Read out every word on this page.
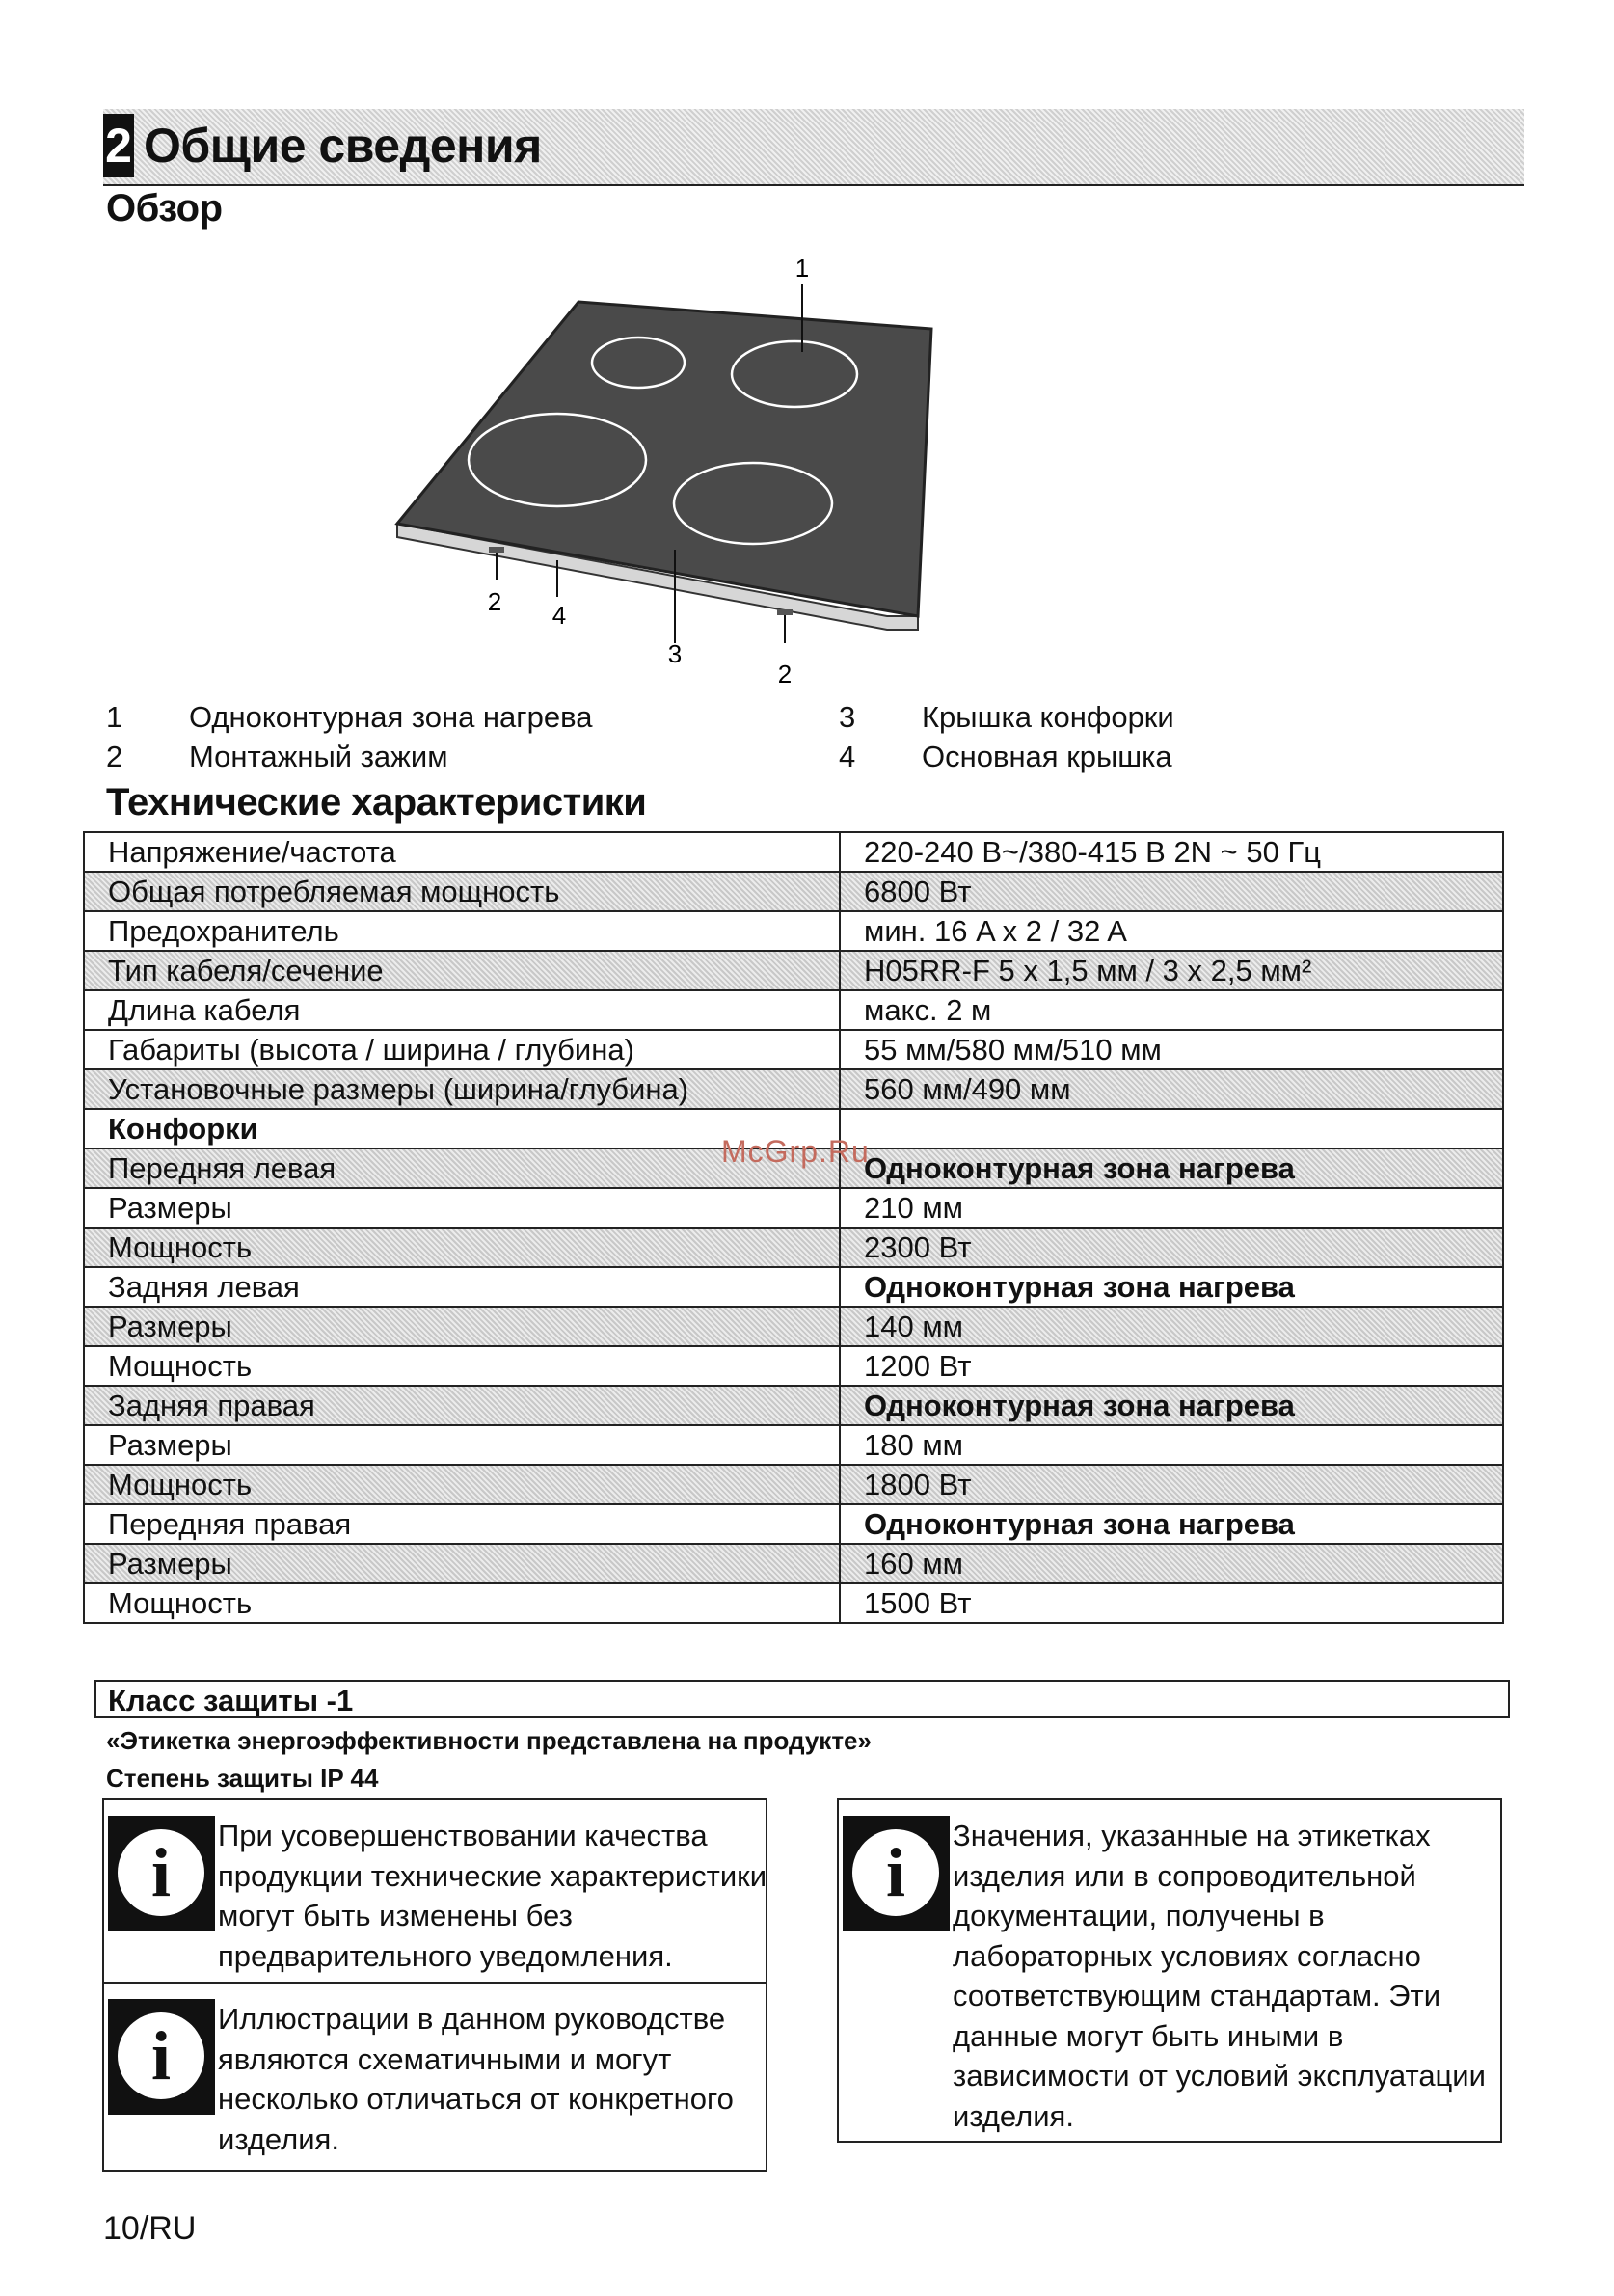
2 Общие сведения
Обзор
1
2 4
3
2
1 Одноконтурная зона нагрева
2 Монтажный зажим
3 Крышка конфорки
4 Основная крышка
Технические характеристики
Напряжение/частота	220-240 В~/380-415 В 2N ~ 50 Гц
Общая потребляемая мощность	6800 Вт
Предохранитель	мин. 16 A x 2 / 32 A
Тип кабеля/сечение	H05RR-F 5 x 1,5 мм / 3 x 2,5 мм²
Длина кабеля	макс. 2 м
Габариты (высота / ширина / глубина)	55 мм/580 мм/510 мм
Установочные размеры (ширина/глубина)	560 мм/490 мм
Конфорки	
Передняя левая	Одноконтурная зона нагрева
Размеры	210 мм
Мощность	2300 Вт
Задняя левая	Одноконтурная зона нагрева
Размеры	140 мм
Мощность	1200 Вт
Задняя правая	Одноконтурная зона нагрева
Размеры	180 мм
Мощность	1800 Вт
Передняя правая	Одноконтурная зона нагрева
Размеры	160 мм
Мощность	1500 Вт
McGrp.Ru
Класс защиты -1
«Этикетка энергоэффективности представлена на продукте»
Степень защиты IP 44
i	При усовершенствовании качества
продукции технические характеристики
могут быть изменены без
предварительного уведомления.
i	Иллюстрации в данном руководстве
являются схематичными и могут
несколько отличаться от конкретного
изделия.
i	Значения, указанные на этикетках
изделия или в сопроводительной
документации, получены в
лабораторных условиях согласно
соответствующим стандартам. Эти
данные могут быть иными в
зависимости от условий эксплуатации
изделия.
10/RU
